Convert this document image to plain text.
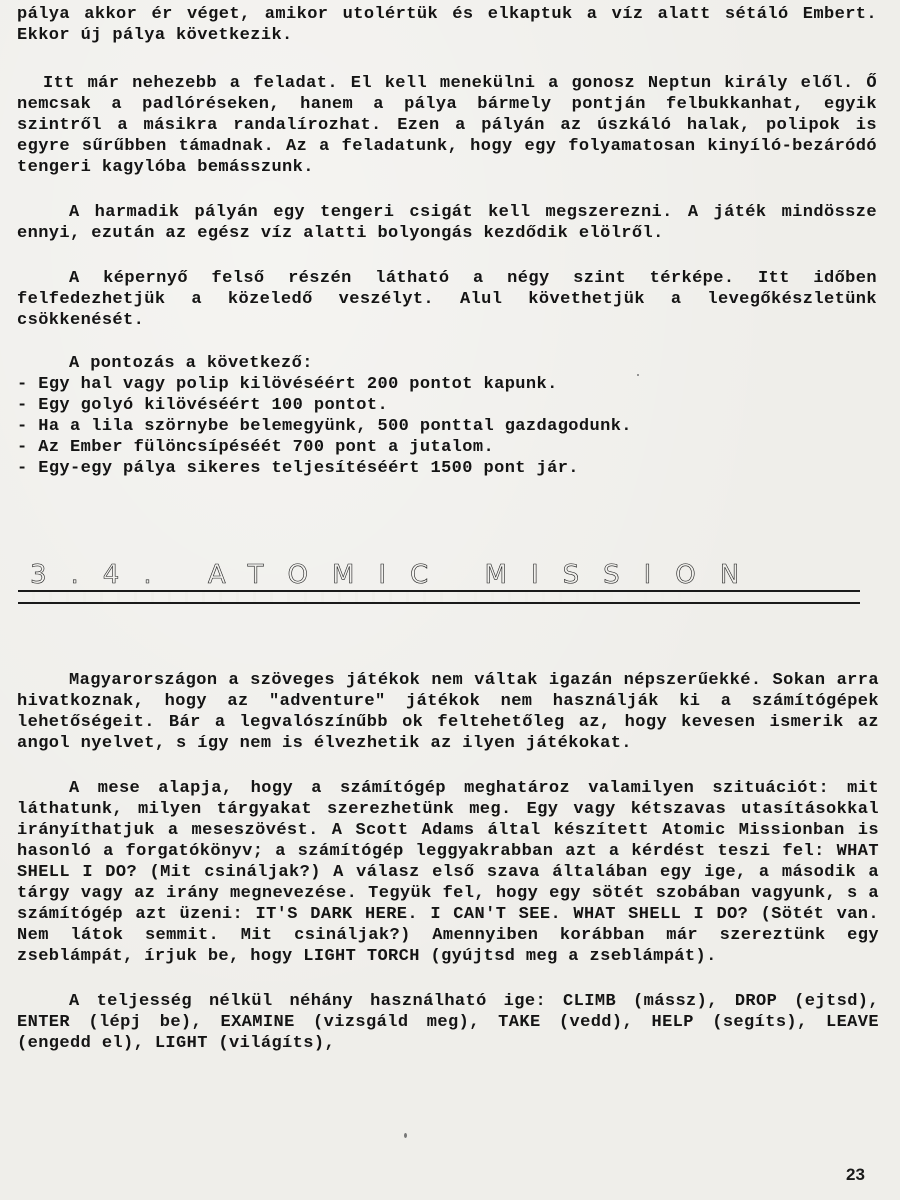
pálya akkor ér véget, amikor utolértük és elkaptuk a víz alatt sétáló Embert. Ekkor új pálya következik.

Itt már nehezebb a feladat. El kell menekülni a gonosz Neptun király elől. Ő nemcsak a padlóréseken, hanem a pálya bármely pontján felbukkanhat, egyik szintről a másikra randalírozhat. Ezen a pályán az úszkáló halak, polipok is egyre sűrűbben támadnak. Az a feladatunk, hogy egy folyamatosan kinyíló-bezáródó tengeri kagylóba bemásszunk.

A harmadik pályán egy tengeri csigát kell megszerezni. A játék mindössze ennyi, ezután az egész víz alatti bolyongás kezdődik elölről.

A képernyő felső részén látható a négy szint térképe. Itt időben felfedezhetjük a közeledő veszélyt. Alul követhetjük a levegőkészletünk csökkenését.

A pontozás a következő:

- Egy hal vagy polip kilövéséért 200 pontot kapunk.
- Egy golyó kilövéséért 100 pontot.
- Ha a lila szörnybe belemegyünk, 500 ponttal gazdagodunk.
- Az Ember fülöncsípéséét 700 pont a jutalom.
- Egy-egy pálya sikeres teljesítéséért 1500 pont jár.
3.4. ATOMIC MISSION

Magyarországon a szöveges játékok nem váltak igazán népszerűekké. Sokan arra hivatkoznak, hogy az "adventure" játékok nem használják ki a számítógépek lehetőségeit. Bár a legvalószínűbb ok feltehetőleg az, hogy kevesen ismerik az angol nyelvet, s így nem is élvezhetik az ilyen játékokat.

A mese alapja, hogy a számítógép meghatároz valamilyen szituációt: mit láthatunk, milyen tárgyakat szerezhetünk meg. Egy vagy kétszavas utasításokkal irányíthatjuk a meseszövést. A Scott Adams által készített Atomic Missionban is hasonló a forgatókönyv; a számítógép leggyakrabban azt a kérdést teszi fel: WHAT SHELL I DO? (Mit csináljak?) A válasz első szava általában egy ige, a második a tárgy vagy az irány megnevezése. Tegyük fel, hogy egy sötét szobában vagyunk, s a számítógép azt üzeni: IT'S DARK HERE. I CAN'T SEE. WHAT SHELL I DO? (Sötét van. Nem látok semmit. Mit csináljak?) Amennyiben korábban már szereztünk egy zseblámpát, írjuk be, hogy LIGHT TORCH (gyújtsd meg a zseblámpát).

A teljesség nélkül néhány használható ige: CLIMB (mássz), DROP (ejtsd), ENTER (lépj be), EXAMINE (vizsgáld meg), TAKE (vedd), HELP (segíts), LEAVE (engedd el), LIGHT (világíts),

23
